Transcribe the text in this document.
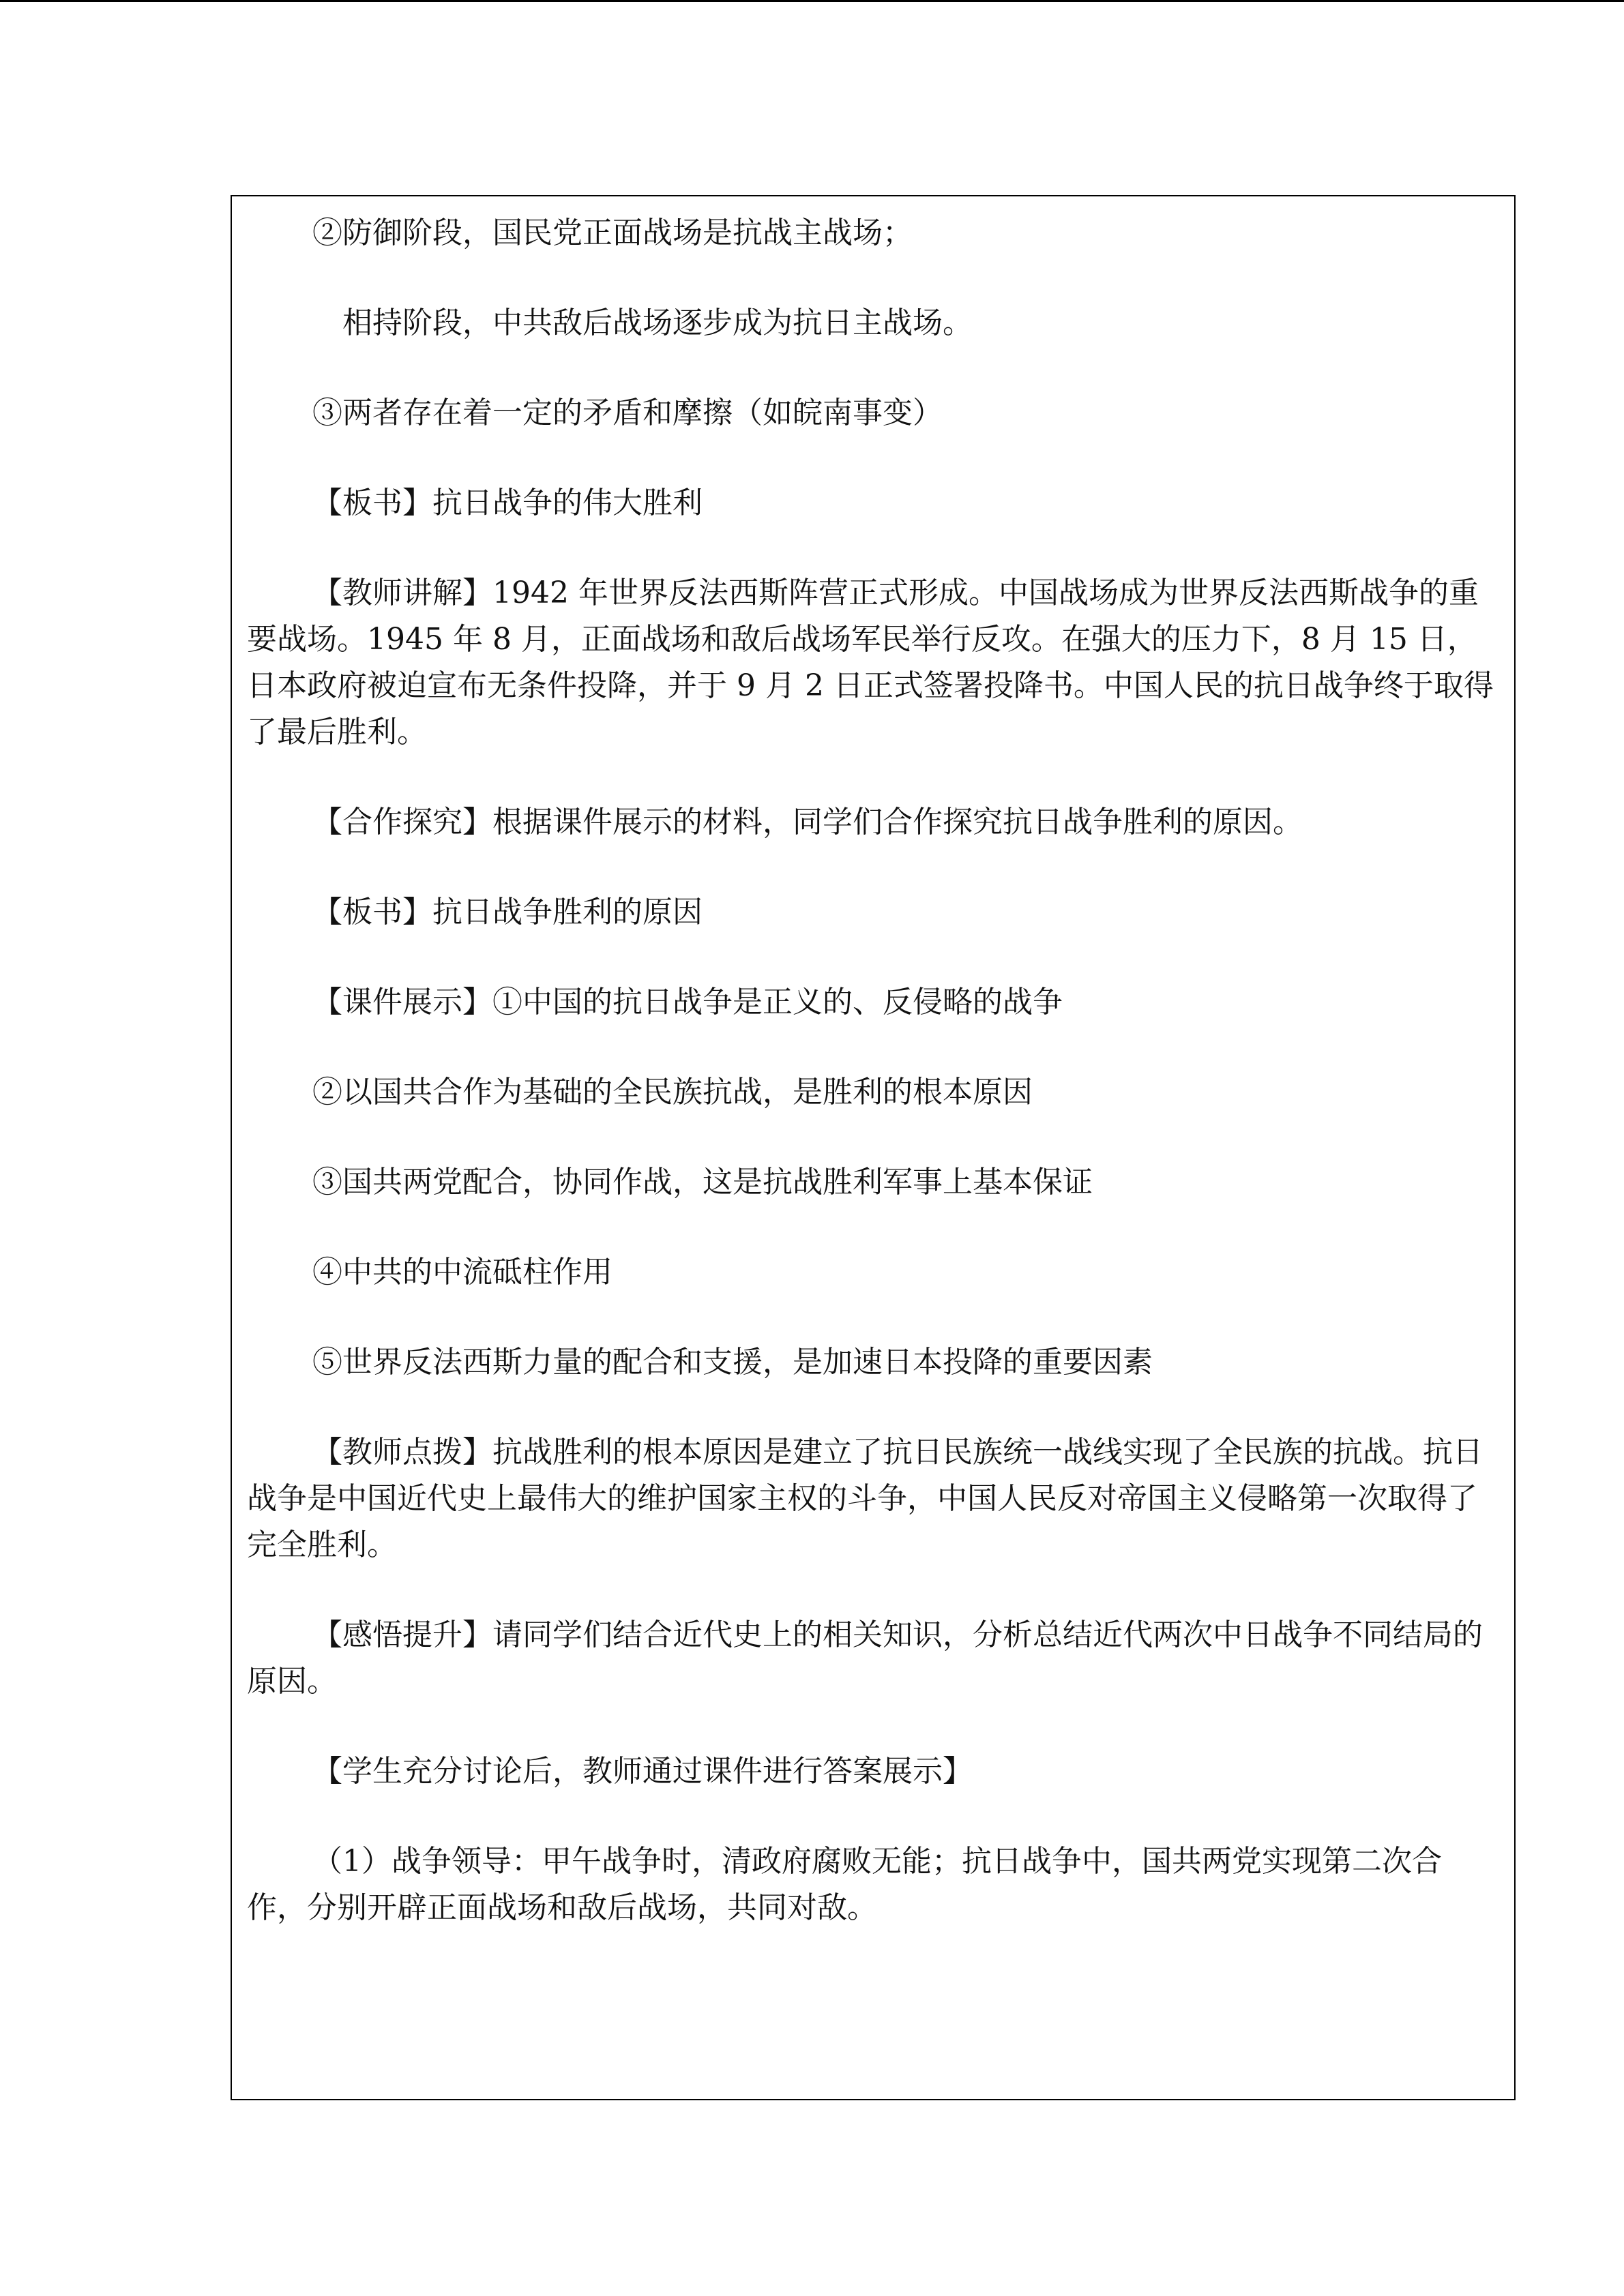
②防御阶段，国民党正面战场是抗战主战场；

相持阶段，中共敌后战场逐步成为抗日主战场。

③两者存在着一定的矛盾和摩擦（如皖南事变）

【板书】抗日战争的伟大胜利

【教师讲解】1942 年世界反法西斯阵营正式形成。中国战场成为世界反法西斯战争的重要战场。1945 年 8 月，正面战场和敌后战场军民举行反攻。在强大的压力下，8 月 15 日，日本政府被迫宣布无条件投降，并于 9 月 2 日正式签署投降书。中国人民的抗日战争终于取得了最后胜利。

【合作探究】根据课件展示的材料，同学们合作探究抗日战争胜利的原因。

【板书】抗日战争胜利的原因

【课件展示】①中国的抗日战争是正义的、反侵略的战争

②以国共合作为基础的全民族抗战，是胜利的根本原因

③国共两党配合，协同作战，这是抗战胜利军事上基本保证

④中共的中流砥柱作用

⑤世界反法西斯力量的配合和支援，是加速日本投降的重要因素

【教师点拨】抗战胜利的根本原因是建立了抗日民族统一战线实现了全民族的抗战。抗日战争是中国近代史上最伟大的维护国家主权的斗争，中国人民反对帝国主义侵略第一次取得了完全胜利。

【感悟提升】请同学们结合近代史上的相关知识，分析总结近代两次中日战争不同结局的原因。

【学生充分讨论后，教师通过课件进行答案展示】

（1）战争领导：甲午战争时，清政府腐败无能；抗日战争中，国共两党实现第二次合作，分别开辟正面战场和敌后战场，共同对敌。
